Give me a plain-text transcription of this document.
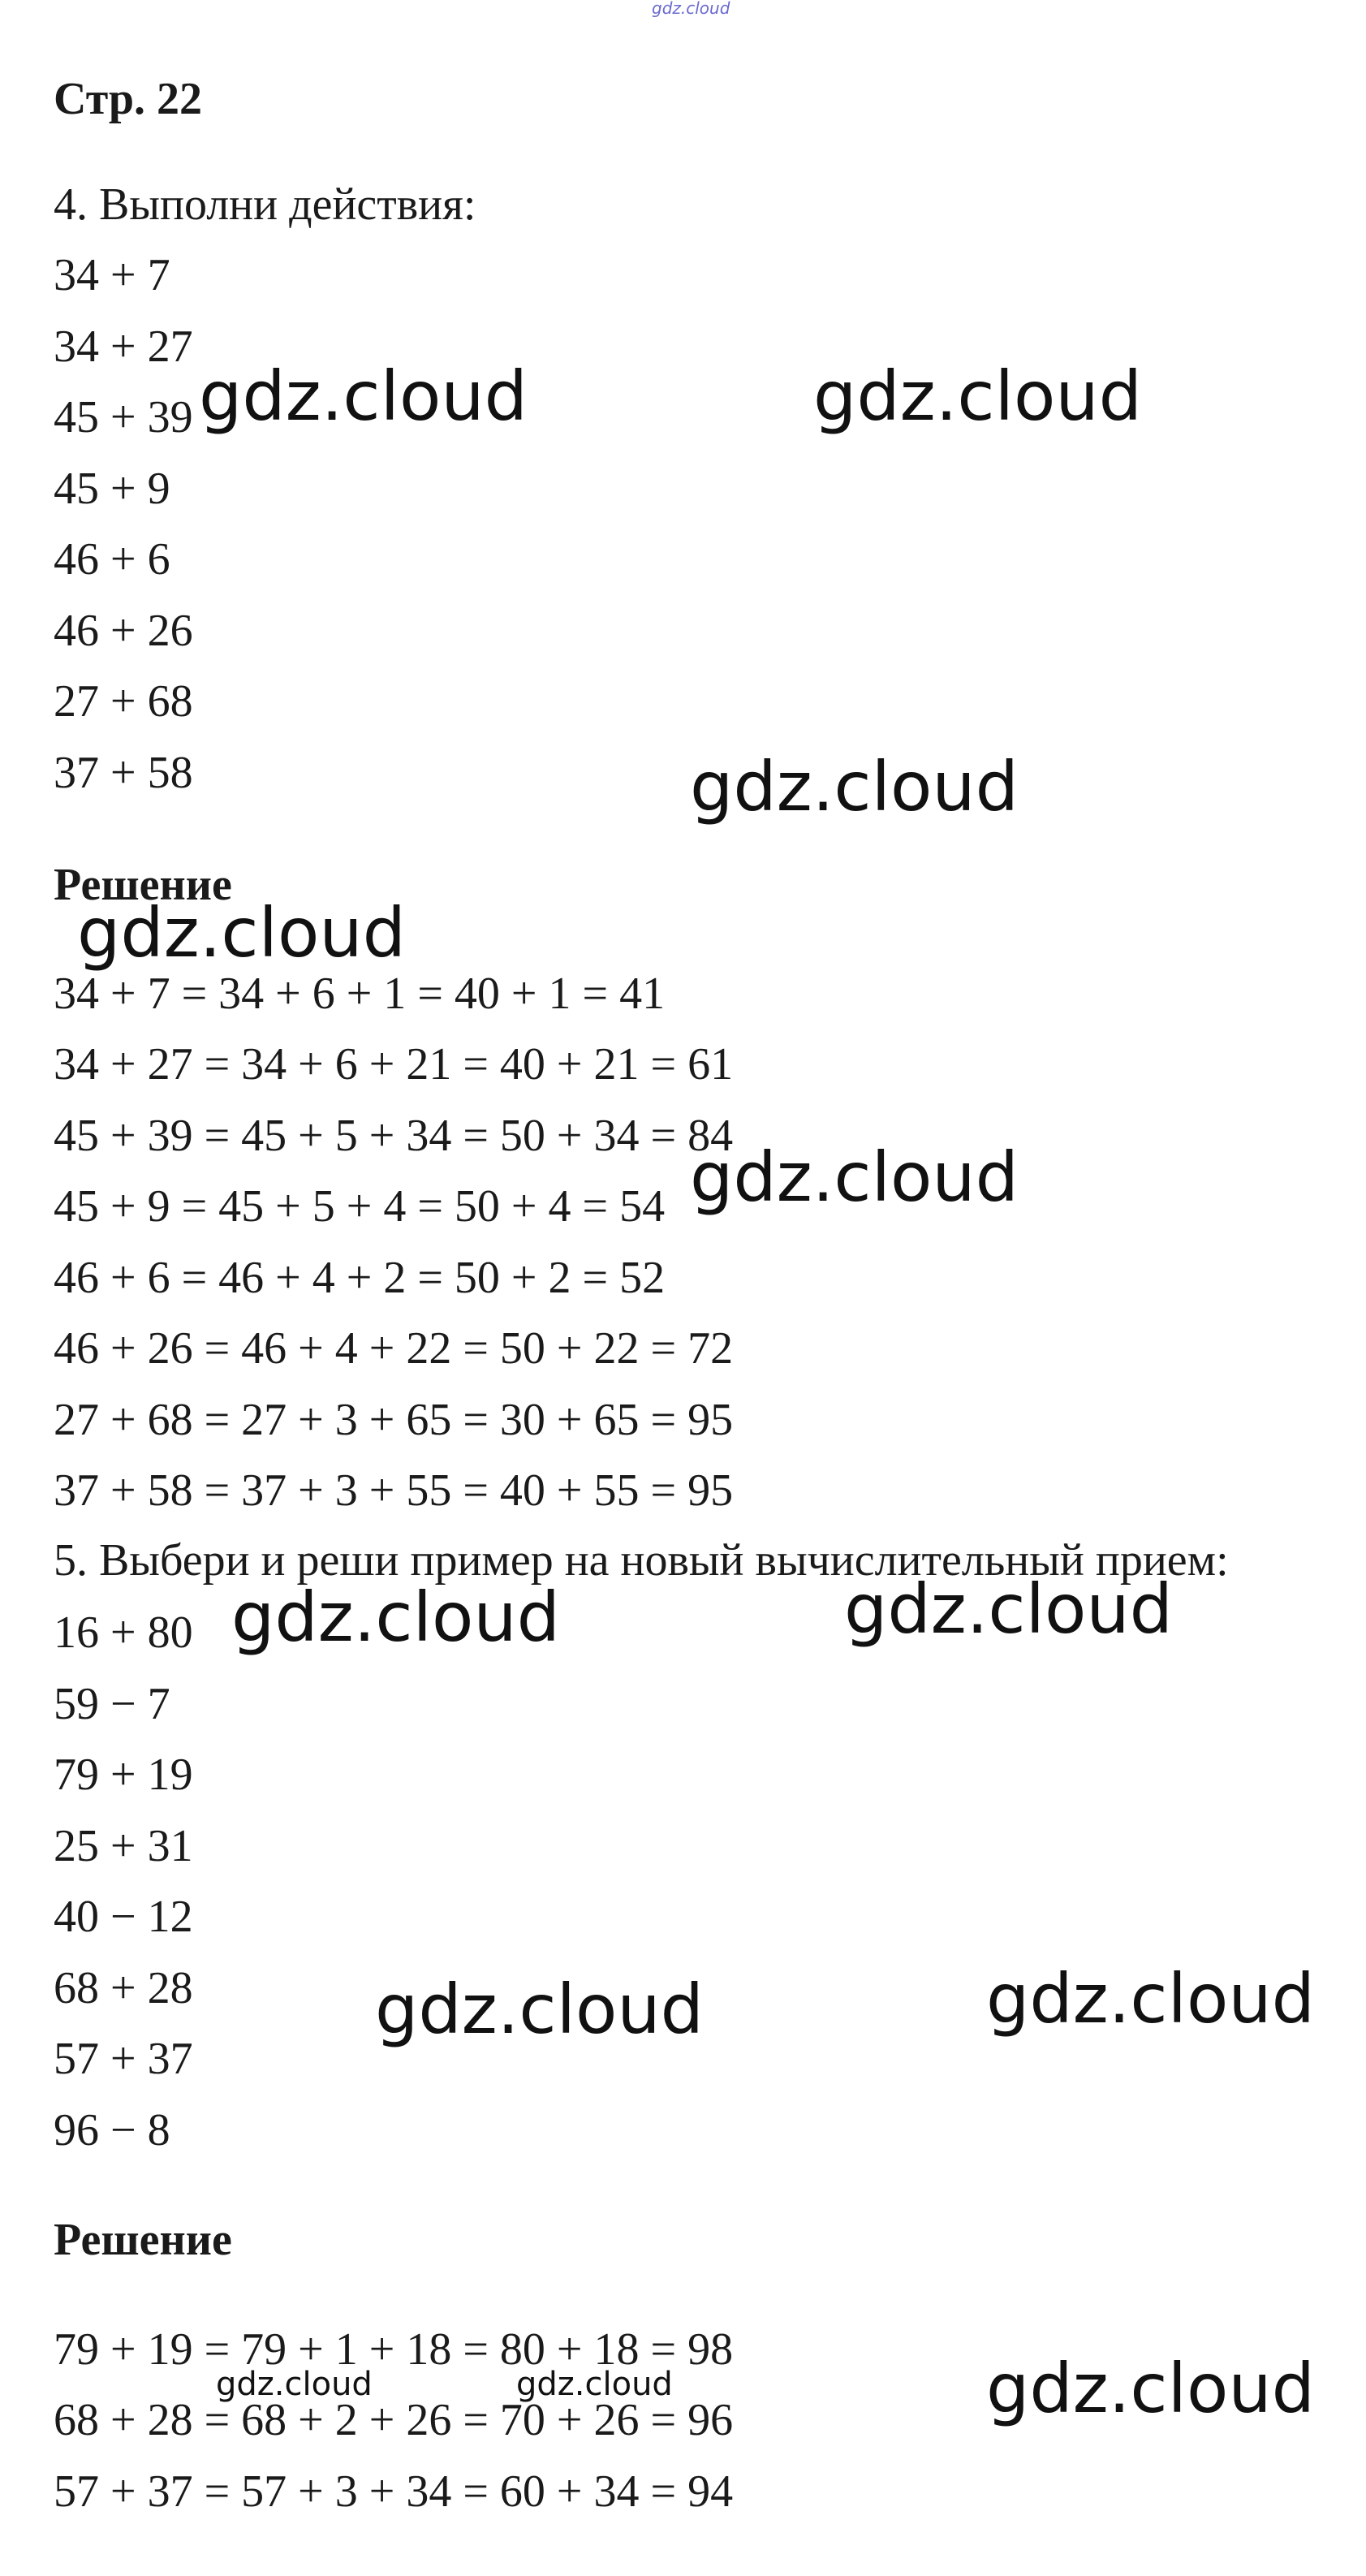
gdz.cloud
Стр. 22
4. Выполни действия:
34 + 7
34 + 27
45 + 39
45 + 9
46 + 6
46 + 26
27 + 68
37 + 58
Решение
34 + 7 = 34 + 6 + 1 = 40 + 1 = 41
34 + 27 = 34 + 6 + 21 = 40 + 21 = 61
45 + 39 = 45 + 5 + 34 = 50 + 34 = 84
45 + 9 = 45 + 5 + 4 = 50 + 4 = 54
46 + 6 = 46 + 4 + 2 = 50 + 2 = 52
46 + 26 = 46 + 4 + 22 = 50 + 22 = 72
27 + 68 = 27 + 3 + 65 = 30 + 65 = 95
37 + 58 = 37 + 3 + 55 = 40 + 55 = 95
5. Выбери и реши пример на новый вычислительный прием:
16 + 80
59 − 7
79 + 19
25 + 31
40 − 12
68 + 28
57 + 37
96 − 8
Решение
79 + 19 = 79 + 1 + 18 = 80 + 18 = 98
68 + 28 = 68 + 2 + 26 = 70 + 26 = 96
57 + 37 = 57 + 3 + 34 = 60 + 34 = 94
gdz.cloud	gdz.cloud
gdz.cloud
gdz.cloud
gdz.cloud
gdz.cloud	gdz.cloud
gdz.cloud	gdz.cloud
gdz.cloud
gdz.cloud	gdz.cloud
